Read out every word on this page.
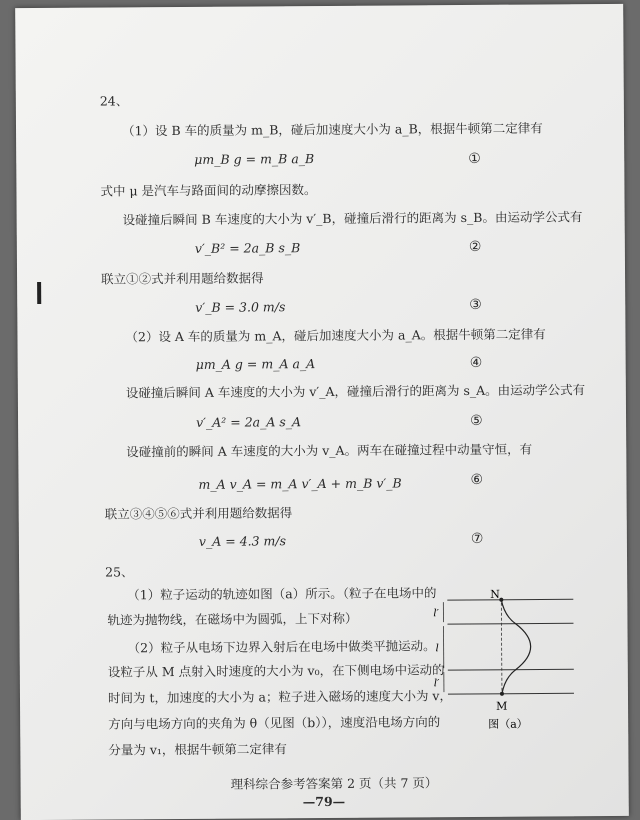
24、
（1）设 B 车的质量为 m_B，碰后加速度大小为 a_B，根据牛顿第二定律有
μm_B g = m_B a_B	①
式中 μ 是汽车与路面间的动摩擦因数。
设碰撞后瞬间 B 车速度的大小为 v′_B，碰撞后滑行的距离为 s_B。由运动学公式有
v′_B² = 2a_B s_B	②
联立①②式并利用题给数据得
v′_B = 3.0 m/s	③
（2）设 A 车的质量为 m_A，碰后加速度大小为 a_A。根据牛顿第二定律有
μm_A g = m_A a_A	④
设碰撞后瞬间 A 车速度的大小为 v′_A，碰撞后滑行的距离为 s_A。由运动学公式有
v′_A² = 2a_A s_A	⑤
设碰撞前的瞬间 A 车速度的大小为 v_A。两车在碰撞过程中动量守恒，有
m_A v_A = m_A v′_A + m_B v′_B	⑥
联立③④⑤⑥式并利用题给数据得
v_A = 4.3 m/s	⑦
25、
（1）粒子运动的轨迹如图（a）所示。（粒子在电场中的
轨迹为抛物线，在磁场中为圆弧，上下对称）
（2）粒子从电场下边界入射后在电场中做类平抛运动。
设粒子从 M 点射入时速度的大小为 v₀，在下侧电场中运动的
时间为 t，加速度的大小为 a；粒子进入磁场的速度大小为 v，
方向与电场方向的夹角为 θ（见图（b）），速度沿电场方向的
分量为 v₁，根据牛顿第二定律有
N
M
l′
l
l′
图（a）
理科综合参考答案第 2 页（共 7 页）
—79—
